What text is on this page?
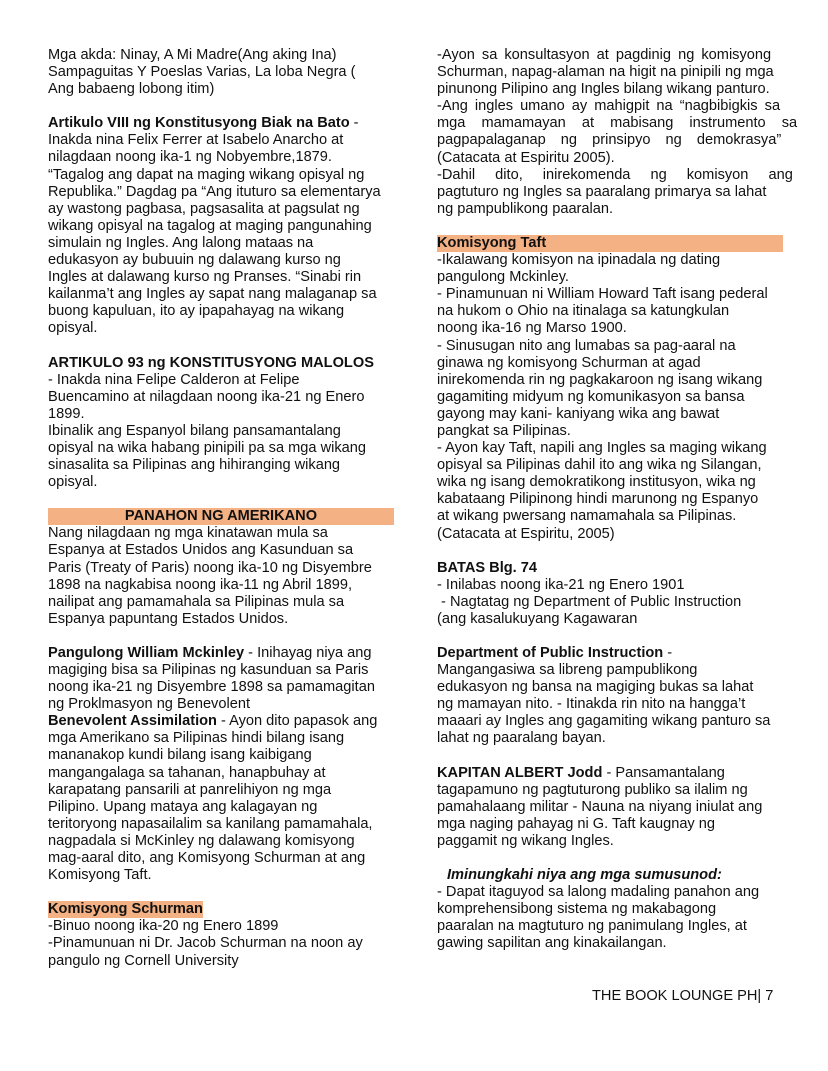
Mga akda: Ninay, A Mi Madre(Ang aking Ina)
Sampaguitas Y Poeslas Varias, La loba Negra (
Ang babaeng lobong itim)
Artikulo VIII ng Konstitusyong Biak na Bato -
Inakda nina Felix Ferrer at Isabelo Anarcho at
nilagdaan noong ika-1 ng Nobyembre,1879.
“Tagalog ang dapat na maging wikang opisyal ng
Republika.” Dagdag pa “Ang ituturo sa elementarya
ay wastong pagbasa, pagsasalita at pagsulat ng
wikang opisyal na tagalog at maging pangunahing
simulain ng Ingles. Ang lalong mataas na
edukasyon ay bubuuin ng dalawang kurso ng
Ingles at dalawang kurso ng Pranses. “Sinabi rin
kailanma’t ang Ingles ay sapat nang malaganap sa
buong kapuluan, ito ay ipapahayag na wikang
opisyal.
ARTIKULO 93 ng KONSTITUSYONG MALOLOS
- Inakda nina Felipe Calderon at Felipe
Buencamino at nilagdaan noong ika-21 ng Enero
1899.
Ibinalik ang Espanyol bilang pansamantalang
opisyal na wika habang pinipili pa sa mga wikang
sinasalita sa Pilipinas ang hihiranging wikang
opisyal.
PANAHON NG AMERIKANO
Nang nilagdaan ng mga kinatawan mula sa
Espanya at Estados Unidos ang Kasunduan sa
Paris (Treaty of Paris) noong ika-10 ng Disyembre
1898 na nagkabisa noong ika-11 ng Abril 1899,
nailipat ang pamamahala sa Pilipinas mula sa
Espanya papuntang Estados Unidos.
Pangulong William Mckinley - Inihayag niya ang
magiging bisa sa Pilipinas ng kasunduan sa Paris
noong ika-21 ng Disyembre 1898 sa pamamagitan
ng Proklmasyon ng Benevolent
Benevolent Assimilation - Ayon dito papasok ang
mga Amerikano sa Pilipinas hindi bilang isang
mananakop kundi bilang isang kaibigang
mangangalaga sa tahanan, hanapbuhay at
karapatang pansarili at panrelihiyon ng mga
Pilipino. Upang mataya ang kalagayan ng
teritoryong napasailalim sa kanilang pamamahala,
nagpadala si McKinley ng dalawang komisyong
mag-aaral dito, ang Komisyong Schurman at ang
Komisyong Taft.
Komisyong Schurman
-Binuo noong ika-20 ng Enero 1899
-Pinamunuan ni Dr. Jacob Schurman na noon ay
pangulo ng Cornell University
-Ayon sa konsultasyon at pagdinig ng komisyong
Schurman, napag-alaman na higit na pinipili ng mga
pinunong Pilipino ang Ingles bilang wikang panturo.
-Ang ingles umano ay mahigpit na “nagbibigkis sa
mga mamamayan at mabisang instrumento sa
pagpapalaganap ng prinsipyo ng demokrasya”
(Catacata at Espiritu 2005).
-Dahil dito, inirekomenda ng komisyon ang
pagtuturo ng Ingles sa paaralang primarya sa lahat
ng pampublikong paaralan.
Komisyong Taft
-Ikalawang komisyon na ipinadala ng dating
pangulong Mckinley.
- Pinamunuan ni William Howard Taft isang pederal
na hukom o Ohio na itinalaga sa katungkulan
noong ika-16 ng Marso 1900.
- Sinusugan nito ang lumabas sa pag-aaral na
ginawa ng komisyong Schurman at agad
inirekomenda rin ng pagkakaroon ng isang wikang
gagamiting midyum ng komunikasyon sa bansa
gayong may kani- kaniyang wika ang bawat
pangkat sa Pilipinas.
- Ayon kay Taft, napili ang Ingles sa maging wikang
opisyal sa Pilipinas dahil ito ang wika ng Silangan,
wika ng isang demokratikong institusyon, wika ng
kabataang Pilipinong hindi marunong ng Espanyo
at wikang pwersang namamahala sa Pilipinas.
(Catacata at Espiritu, 2005)
BATAS Blg. 74
- Inilabas noong ika-21 ng Enero 1901
- Nagtatag ng Department of Public Instruction
(ang kasalukuyang Kagawaran
Department of Public Instruction -
Mangangasiwa sa libreng pampublikong
edukasyon ng bansa na magiging bukas sa lahat
ng mamayan nito. - Itinakda rin nito na hangga’t
maaari ay Ingles ang gagamiting wikang panturo sa
lahat ng paaralang bayan.
KAPITAN ALBERT Jodd - Pansamantalang
tagapamuno ng pagtuturong publiko sa ilalim ng
pamahalaang militar - Nauna na niyang iniulat ang
mga naging pahayag ni G. Taft kaugnay ng
paggamit ng wikang Ingles.
Iminungkahi niya ang mga sumusunod:
- Dapat itaguyod sa lalong madaling panahon ang
komprehensibong sistema ng makabagong
paaralan na magtuturo ng panimulang Ingles, at
gawing sapilitan ang kinakailangan.
THE BOOK LOUNGE PH| 7
